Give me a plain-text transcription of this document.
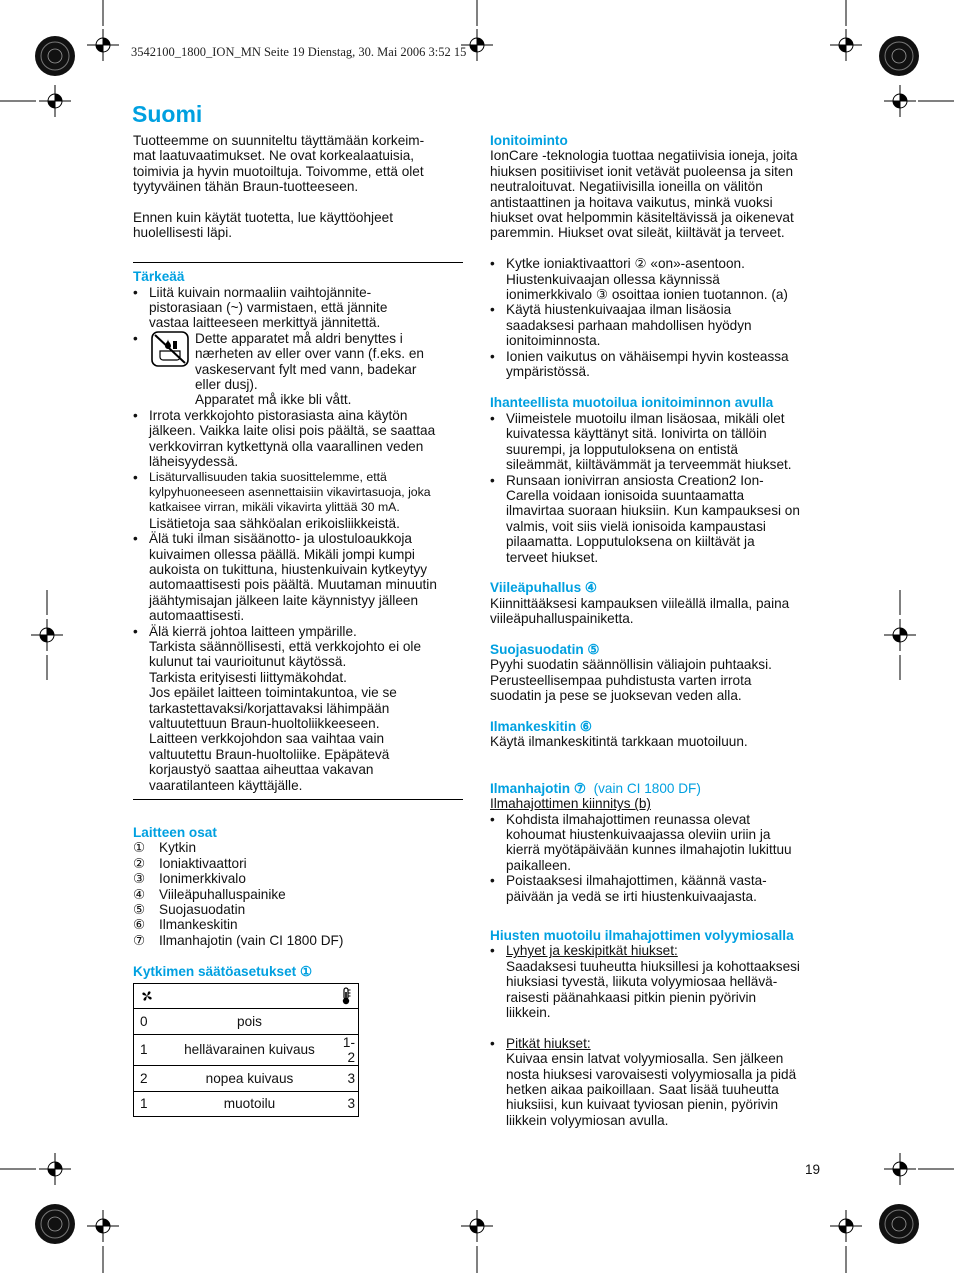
3542100_1800_ION_MN Seite 19 Dienstag, 30. Mai 2006 3:52 15
Suomi

Tuotteemme on suunniteltu täyttämään korkeim-

mat laatuvaatimukset. Ne ovat korkealaatuisia,

toimivia ja hyvin muotoiltuja. Toivomme, että olet

tyytyväinen tähän Braun-tuotteeseen.

Ennen kuin käytät tuotetta, lue käyttöohjeet

huolellisesti läpi.

Tärkeää

• Liitä kuivain normaaliin vaihtojännite-

pistorasiaan (~) varmistaen, että jännite

vastaa laitteeseen merkittyä jännitettä.

• Dette apparatet må aldri benyttes i

nærheten av eller over vann (f.eks. en

vaskeservant fylt med vann, badekar

eller dusj).

Apparatet må ikke bli vått.

• Irrota verkkojohto pistorasiasta aina käytön

jälkeen. Vaikka laite olisi pois päältä, se saattaa

verkkovirran kytkettynä olla vaarallinen veden

läheisyydessä.

• Lisäturvallisuuden takia suosittelemme, että

kylpyhuoneeseen asennettaisiin vikavirtasuoja, joka

katkaisee virran, mikäli vikavirta ylittää 30 mA.

Lisätietoja saa sähköalan erikoisliikkeistä.

• Älä tuki ilman sisäänotto- ja ulostuloaukkoja

kuivaimen ollessa päällä. Mikäli jompi kumpi

aukoista on tukittuna, hiustenkuivain kytkeytyy

automaattisesti pois päältä. Muutaman minuutin

jäähtymisajan jälkeen laite käynnistyy jälleen

automaattisesti.

• Älä kierrä johtoa laitteen ympärille.

Tarkista säännöllisesti, että verkkojohto ei ole

kulunut tai vaurioitunut käytössä.

Tarkista erityisesti liittymäkohdat.

Jos epäilet laitteen toimintakuntoa, vie se

tarkastettavaksi/korjattavaksi lähimpään

valtuutettuun Braun-huoltoliikkeeseen.

Laitteen verkkojohdon saa vaihtaa vain

valtuutettu Braun-huoltoliike. Epäpätevä

korjaustyö saattaa aiheuttaa vakavan

vaaratilanteen käyttäjälle.

Laitteen osat

①	Kytkin
②	Ioniaktivaattori
③	Ionimerkkivalo
④	Viileäpuhalluspainike
⑤	Suojasuodatin
⑥	Ilmankeskitin
⑦	Ilmanhajotin (vain CI 1800 DF)

Kytkimen säätöasetukset ①

0	pois	
1	hellävarainen kuivaus	1-2
2	nopea kuivaus	3
1	muotoilu	3

Ionitoiminto

IonCare -teknologia tuottaa negatiivisia ioneja, joita

hiuksen positiiviset ionit vetävät puoleensa ja siten

neutraloituvat. Negatiivisilla ioneilla on välitön

antistaattinen ja hoitava vaikutus, minkä vuoksi

hiukset ovat helpommin käsiteltävissä ja oikenevat

paremmin. Hiukset ovat sileät, kiiltävät ja terveet.

• Kytke ioniaktivaattori ② «on»-asentoon.

Hiustenkuivaajan ollessa käynnissä

ionimerkkivalo ③ osoittaa ionien tuotannon. (a)

• Käytä hiustenkuivaajaa ilman lisäosia

saadaksesi parhaan mahdollisen hyödyn

ionitoiminnosta.

• Ionien vaikutus on vähäisempi hyvin kosteassa

ympäristössä.

Ihanteellista muotoilua ionitoiminnon avulla

• Viimeistele muotoilu ilman lisäosaa, mikäli olet

kuivatessa käyttänyt sitä. Ionivirta on tällöin

suurempi, ja lopputuloksena on entistä

sileämmät, kiiltävämmät ja terveemmät hiukset.

• Runsaan ionivirran ansiosta Creation2 Ion-

Carella voidaan ionisoida suuntaamatta

ilmavirtaa suoraan hiuksiin. Kun kampauksesi on

valmis, voit siis vielä ionisoida kampaustasi

pilaamatta. Lopputuloksena on kiiltävät ja

terveet hiukset.

Viileäpuhallus ④

Kiinnittääksesi kampauksen viileällä ilmalla, paina

viileäpuhalluspainiketta.

Suojasuodatin ⑤

Pyyhi suodatin säännöllisin väliajoin puhtaaksi.

Perusteellisempaa puhdistusta varten irrota

suodatin ja pese se juoksevan veden alla.

Ilmankeskitin ⑥

Käytä ilmankeskitintä tarkkaan muotoiluun.

Ilmanhajotin ⑦ (vain CI 1800 DF)

Ilmahajottimen kiinnitys (b)

• Kohdista ilmahajottimen reunassa olevat

kohoumat hiustenkuivaajassa oleviin uriin ja

kierrä myötäpäivään kunnes ilmahajotin lukittuu

paikalleen.

• Poistaaksesi ilmahajottimen, käännä vasta-

päivään ja vedä se irti hiustenkuivaajasta.

Hiusten muotoilu ilmahajottimen volyymiosalla

• Lyhyet ja keskipitkät hiukset:

Saadaksesi tuuheutta hiuksillesi ja kohottaaksesi

hiuksiasi tyvestä, liikuta volyymiosaa hellävä-

raisesti päänahkaasi pitkin pienin pyörivin

liikkein.

• Pitkät hiukset:

Kuivaa ensin latvat volyymiosalla. Sen jälkeen

nosta hiuksesi varovaisesti volyymiosalla ja pidä

hetken aikaa paikoillaan. Saat lisää tuuheutta

hiuksiisi, kun kuivaat tyviosan pienin, pyörivin

liikkein volyymiosan avulla.

19
